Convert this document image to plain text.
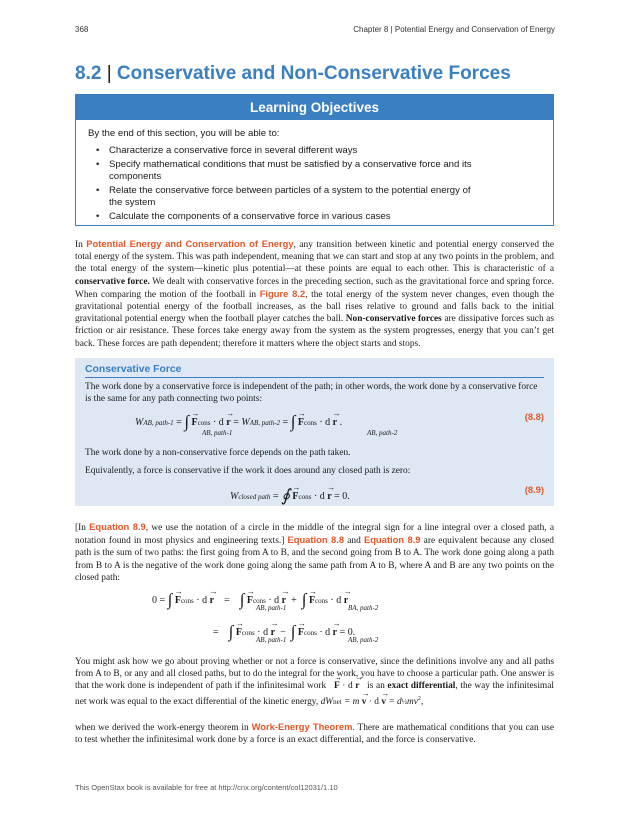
368	Chapter 8 | Potential Energy and Conservation of Energy
8.2 | Conservative and Non-Conservative Forces
Learning Objectives
By the end of this section, you will be able to:
• Characterize a conservative force in several different ways
• Specify mathematical conditions that must be satisfied by a conservative force and its components
• Relate the conservative force between particles of a system to the potential energy of the system
• Calculate the components of a conservative force in various cases
In Potential Energy and Conservation of Energy, any transition between kinetic and potential energy conserved the total energy of the system. This was path independent, meaning that we can start and stop at any two points in the problem, and the total energy of the system—kinetic plus potential—at these points are equal to each other. This is characteristic of a conservative force. We dealt with conservative forces in the preceding section, such as the gravitational force and spring force. When comparing the motion of the football in Figure 8.2, the total energy of the system never changes, even though the gravitational potential energy of the football increases, as the ball rises relative to ground and falls back to the initial gravitational potential energy when the football player catches the ball. Non-conservative forces are dissipative forces such as friction or air resistance. These forces take energy away from the system as the system progresses, energy that you can’t get back. These forces are path dependent; therefore it matters where the object starts and stops.
Conservative Force
The work done by a conservative force is independent of the path; in other words, the work done by a conservative force is the same for any path connecting two points:
WAB, path-1 = ∫ → Fcons · d → r = WAB, path-2 = ∫ → Fcons · d → r .
AB, path-1	AB, path-2
(8.8)
The work done by a non-conservative force depends on the path taken.
Equivalently, a force is conservative if the work it does around any closed path is zero:
Wclosed path = ∮ → Fcons · d → r = 0.
(8.9)
[In Equation 8.9, we use the notation of a circle in the middle of the integral sign for a line integral over a closed path, a notation found in most physics and engineering texts.] Equation 8.8 and Equation 8.9 are equivalent because any closed path is the sum of two paths: the first going from A to B, and the second going from B to A. The work done going along a path from B to A is the negative of the work done going along the same path from A to B, where A and B are any two points on the closed path:
0 = ∫ → Fcons · d → r = ∫ → Fcons · d → r + ∫ → Fcons · d → r
AB, path-1	BA, path-2
= ∫ → Fcons · d → r − ∫ → Fcons · d → r = 0.
AB, path-1	AB, path-2
You might ask how we go about proving whether or not a force is conservative, since the definitions involve any and all paths from A to B, or any and all closed paths, but to do the integral for the work, you have to choose a particular path. One answer is that the work done is independent of path if the infinitesimal work → F · d → r is an exact differential, the way the infinitesimal net work was equal to the exact differential of the kinetic energy, dWnet = $m \to v \cdot d \to v = d\frac{1}{2}mv^2$,
when we derived the work-energy theorem in Work-Energy Theorem. There are mathematical conditions that you can use to test whether the infinitesimal work done by a force is an exact differential, and the force is conservative.
This OpenStax book is available for free at http://cnx.org/content/col12031/1.10
